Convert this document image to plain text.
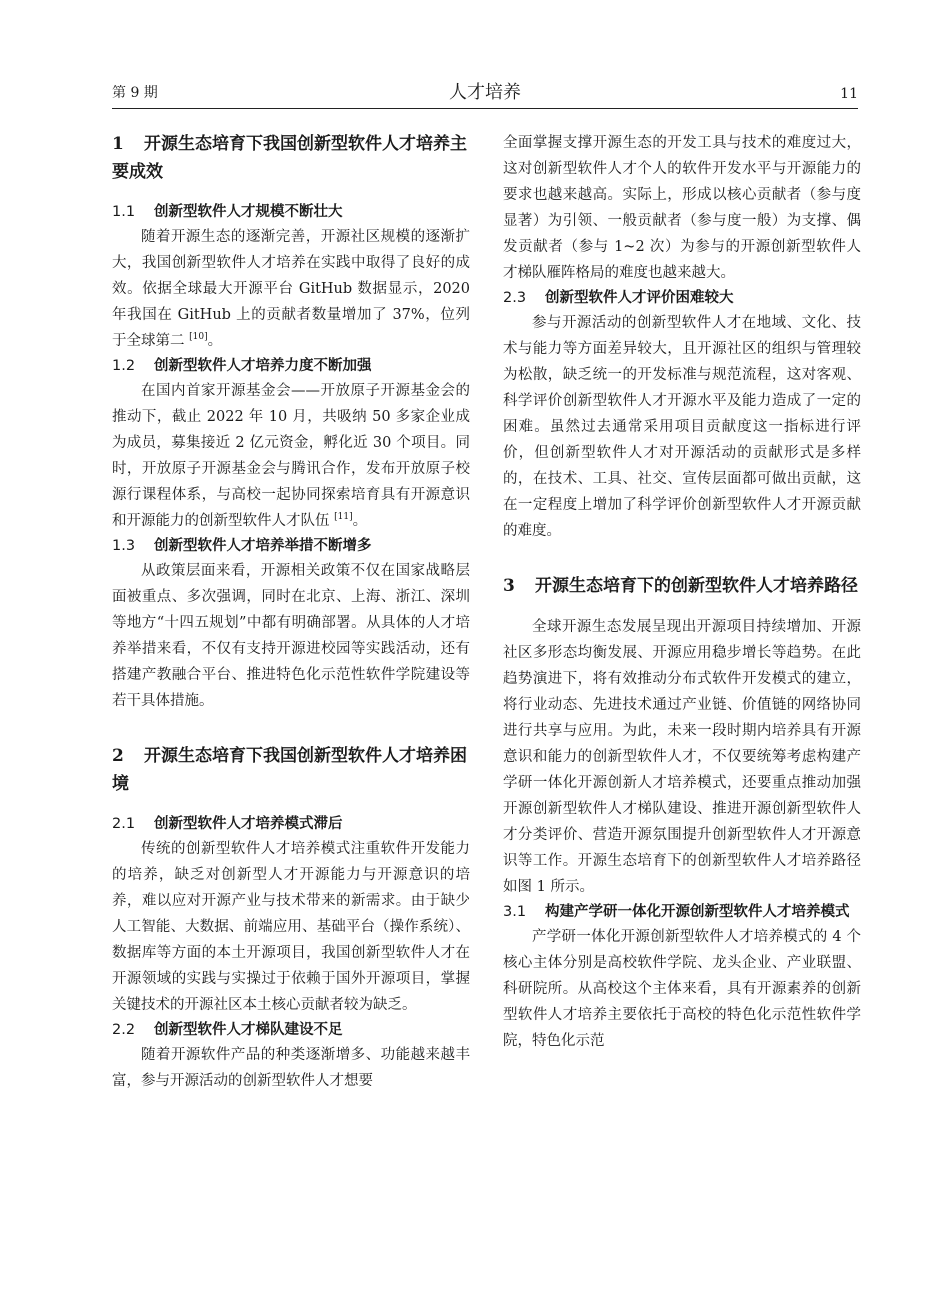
第 9 期	人才培养	11
1 开源生态培育下我国创新型软件人才培养主要成效
1.1 创新型软件人才规模不断壮大

随着开源生态的逐渐完善，开源社区规模的逐渐扩大，我国创新型软件人才培养在实践中取得了良好的成效。依据全球最大开源平台 GitHub 数据显示，2020 年我国在 GitHub 上的贡献者数量增加了 37%，位列于全球第二 [10]。

1.2 创新型软件人才培养力度不断加强

在国内首家开源基金会——开放原子开源基金会的推动下，截止 2022 年 10 月，共吸纳 50 多家企业成为成员，募集接近 2 亿元资金，孵化近 30 个项目。同时，开放原子开源基金会与腾讯合作，发布开放原子校源行课程体系，与高校一起协同探索培育具有开源意识和开源能力的创新型软件人才队伍 [11]。

1.3 创新型软件人才培养举措不断增多

从政策层面来看，开源相关政策不仅在国家战略层面被重点、多次强调，同时在北京、上海、浙江、深圳等地方“十四五规划”中都有明确部署。从具体的人才培养举措来看，不仅有支持开源进校园等实践活动，还有搭建产教融合平台、推进特色化示范性软件学院建设等若干具体措施。

2 开源生态培育下我国创新型软件人才培养困境
2.1 创新型软件人才培养模式滞后

传统的创新型软件人才培养模式注重软件开发能力的培养，缺乏对创新型人才开源能力与开源意识的培养，难以应对开源产业与技术带来的新需求。由于缺少人工智能、大数据、前端应用、基础平台（操作系统）、数据库等方面的本土开源项目，我国创新型软件人才在开源领域的实践与实操过于依赖于国外开源项目，掌握关键技术的开源社区本土核心贡献者较为缺乏。

2.2 创新型软件人才梯队建设不足

随着开源软件产品的种类逐渐增多、功能越来越丰富，参与开源活动的创新型软件人才想要

全面掌握支撑开源生态的开发工具与技术的难度过大，这对创新型软件人才个人的软件开发水平与开源能力的要求也越来越高。实际上，形成以核心贡献者（参与度显著）为引领、一般贡献者（参与度一般）为支撑、偶发贡献者（参与 1~2 次）为参与的开源创新型软件人才梯队雁阵格局的难度也越来越大。

2.3 创新型软件人才评价困难较大

参与开源活动的创新型软件人才在地域、文化、技术与能力等方面差异较大，且开源社区的组织与管理较为松散，缺乏统一的开发标准与规范流程，这对客观、科学评价创新型软件人才开源水平及能力造成了一定的困难。虽然过去通常采用项目贡献度这一指标进行评价，但创新型软件人才对开源活动的贡献形式是多样的，在技术、工具、社交、宣传层面都可做出贡献，这在一定程度上增加了科学评价创新型软件人才开源贡献的难度。

3 开源生态培育下的创新型软件人才培养路径

全球开源生态发展呈现出开源项目持续增加、开源社区多形态均衡发展、开源应用稳步增长等趋势。在此趋势演进下，将有效推动分布式软件开发模式的建立，将行业动态、先进技术通过产业链、价值链的网络协同进行共享与应用。为此，未来一段时期内培养具有开源意识和能力的创新型软件人才，不仅要统筹考虑构建产学研一体化开源创新人才培养模式，还要重点推动加强开源创新型软件人才梯队建设、推进开源创新型软件人才分类评价、营造开源氛围提升创新型软件人才开源意识等工作。开源生态培育下的创新型软件人才培养路径如图 1 所示。

3.1 构建产学研一体化开源创新型软件人才培养模式

产学研一体化开源创新型软件人才培养模式的 4 个核心主体分别是高校软件学院、龙头企业、产业联盟、科研院所。从高校这个主体来看，具有开源素养的创新型软件人才培养主要依托于高校的特色化示范性软件学院，特色化示范
